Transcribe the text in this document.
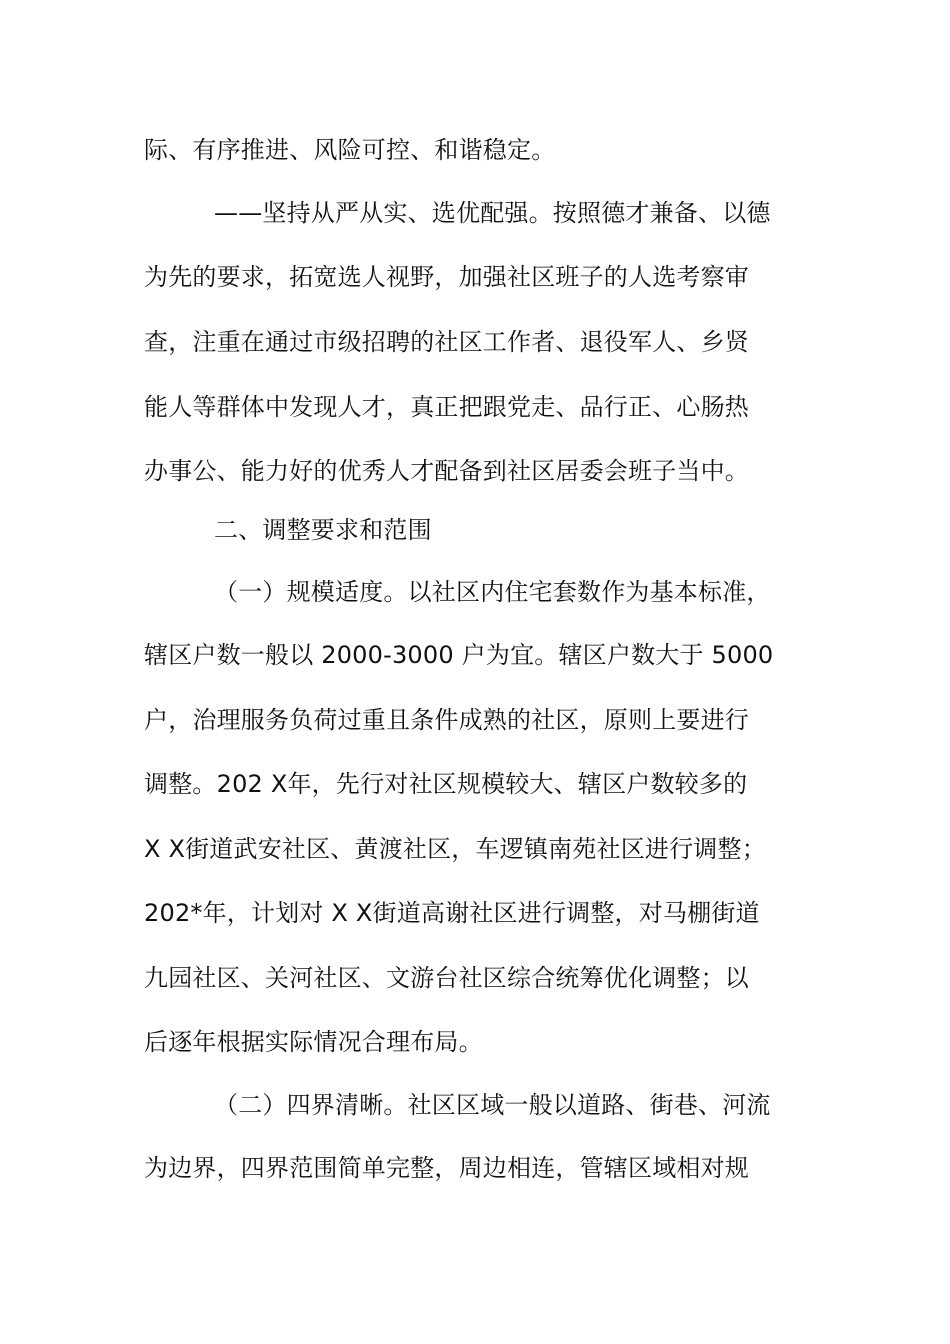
际、有序推进、风险可控、和谐稳定。
——坚持从严从实、选优配强。按照德才兼备、以德
为先的要求，拓宽选人视野，加强社区班子的人选考察审
查，注重在通过市级招聘的社区工作者、退役军人、乡贤
能人等群体中发现人才，真正把跟党走、品行正、心肠热
办事公、能力好的优秀人才配备到社区居委会班子当中。
二、调整要求和范围
（一）规模适度。以社区内住宅套数作为基本标准，
辖区户数一般以 2000-3000 户为宜。辖区户数大于 5000
户，治理服务负荷过重且条件成熟的社区，原则上要进行
调整。202 X年，先行对社区规模较大、辖区户数较多的
X X街道武安社区、黄渡社区，车逻镇南苑社区进行调整；
202*年，计划对 X X街道高谢社区进行调整，对马棚街道
九园社区、关河社区、文游台社区综合统筹优化调整；以
后逐年根据实际情况合理布局。
（二）四界清晰。社区区域一般以道路、街巷、河流
为边界，四界范围简单完整，周边相连，管辖区域相对规
